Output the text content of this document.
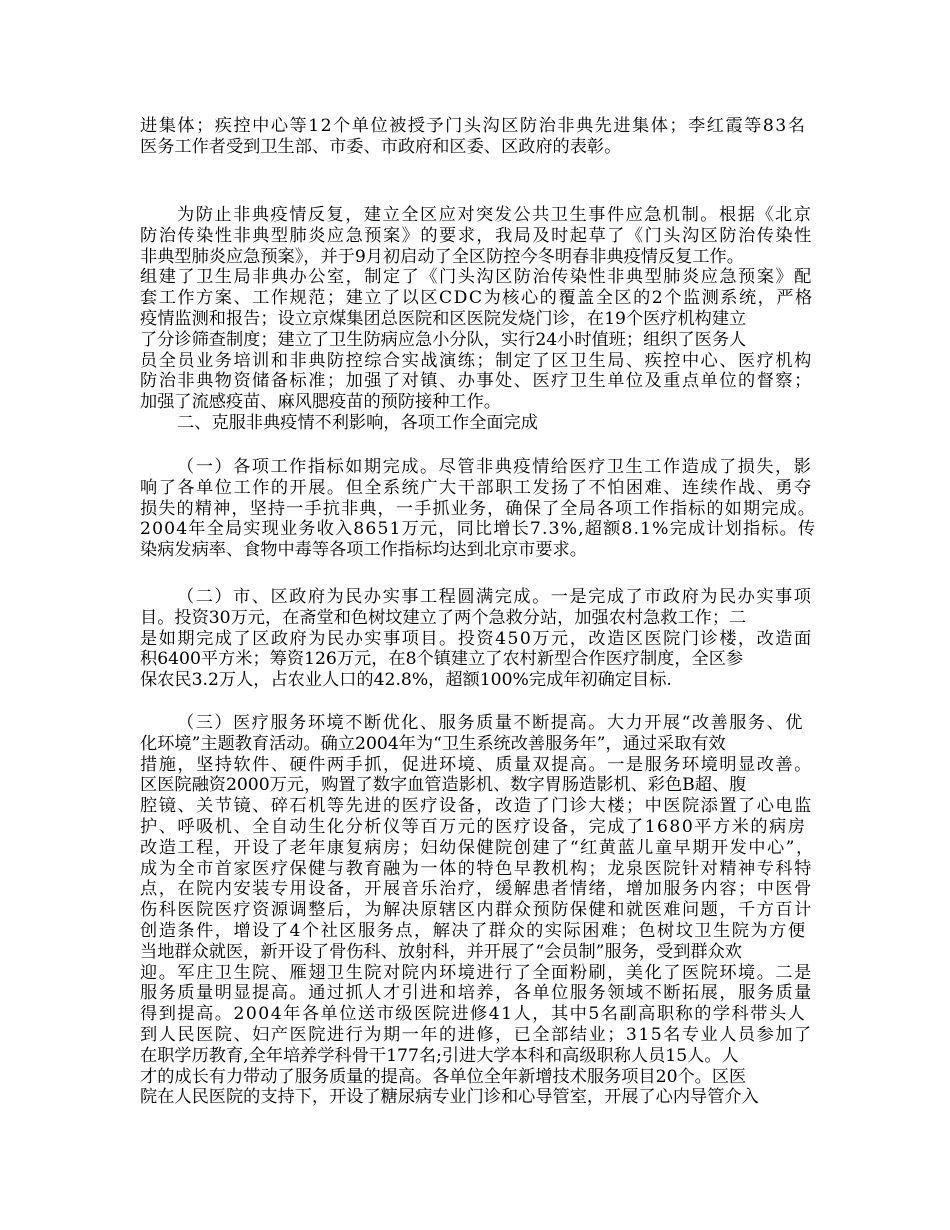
进集体；疾控中心等12个单位被授予门头沟区防治非典先进集体；李红霞等83名
医务工作者受到卫生部、市委、市政府和区委、区政府的表彰。
为防止非典疫情反复，建立全区应对突发公共卫生事件应急机制。根据《北京
防治传染性非典型肺炎应急预案》的要求，我局及时起草了《门头沟区防治传染性
非典型肺炎应急预案》，并于9月初启动了全区防控今冬明春非典疫情反复工作。
组建了卫生局非典办公室，制定了《门头沟区防治传染性非典型肺炎应急预案》配
套工作方案、工作规范；建立了以区CDC为核心的覆盖全区的2个监测系统，严格
疫情监测和报告；设立京煤集团总医院和区医院发烧门诊，在19个医疗机构建立
了分诊筛查制度；建立了卫生防病应急小分队，实行24小时值班；组织了医务人
员全员业务培训和非典防控综合实战演练；制定了区卫生局、疾控中心、医疗机构
防治非典物资储备标准；加强了对镇、办事处、医疗卫生单位及重点单位的督察；
加强了流感疫苗、麻风腮疫苗的预防接种工作。
二、克服非典疫情不利影响，各项工作全面完成
（一）各项工作指标如期完成。尽管非典疫情给医疗卫生工作造成了损失，影
响了各单位工作的开展。但全系统广大干部职工发扬了不怕困难、连续作战、勇夺
损失的精神，坚持一手抗非典，一手抓业务，确保了全局各项工作指标的如期完成。
2004年全局实现业务收入8651万元，同比增长7.3%,超额8.1%完成计划指标。传
染病发病率、食物中毒等各项工作指标均达到北京市要求。
（二）市、区政府为民办实事工程圆满完成。一是完成了市政府为民办实事项
目。投资30万元，在斋堂和色树坟建立了两个急救分站，加强农村急救工作；二
是如期完成了区政府为民办实事项目。投资450万元，改造区医院门诊楼，改造面
积6400平方米；筹资126万元，在8个镇建立了农村新型合作医疗制度，全区参
保农民3.2万人，占农业人口的42.8%，超额100%完成年初确定目标.
（三）医疗服务环境不断优化、服务质量不断提高。大力开展“改善服务、优
化环境”主题教育活动。确立2004年为“卫生系统改善服务年”，通过采取有效
措施，坚持软件、硬件两手抓，促进环境、质量双提高。一是服务环境明显改善。
区医院融资2000万元，购置了数字血管造影机、数字胃肠造影机、彩色B超、腹
腔镜、关节镜、碎石机等先进的医疗设备，改造了门诊大楼；中医院添置了心电监
护、呼吸机、全自动生化分析仪等百万元的医疗设备，完成了1680平方米的病房
改造工程，开设了老年康复病房；妇幼保健院创建了“红黄蓝儿童早期开发中心”，
成为全市首家医疗保健与教育融为一体的特色早教机构；龙泉医院针对精神专科特
点，在院内安装专用设备，开展音乐治疗，缓解患者情绪，增加服务内容；中医骨
伤科医院医疗资源调整后，为解决原辖区内群众预防保健和就医难问题，千方百计
创造条件，增设了4个社区服务点，解决了群众的实际困难；色树坟卫生院为方便
当地群众就医，新开设了骨伤科、放射科，并开展了“会员制”服务，受到群众欢
迎。军庄卫生院、雁翅卫生院对院内环境进行了全面粉刷，美化了医院环境。二是
服务质量明显提高。通过抓人才引进和培养，各单位服务领域不断拓展，服务质量
得到提高。2004年各单位送市级医院进修41人，其中5名副高职称的学科带头人
到人民医院、妇产医院进行为期一年的进修，已全部结业；315名专业人员参加了
在职学历教育,全年培养学科骨干177名;引进大学本科和高级职称人员15人。人
才的成长有力带动了服务质量的提高。各单位全年新增技术服务项目20个。区医
院在人民医院的支持下，开设了糖尿病专业门诊和心导管室，开展了心内导管介入
